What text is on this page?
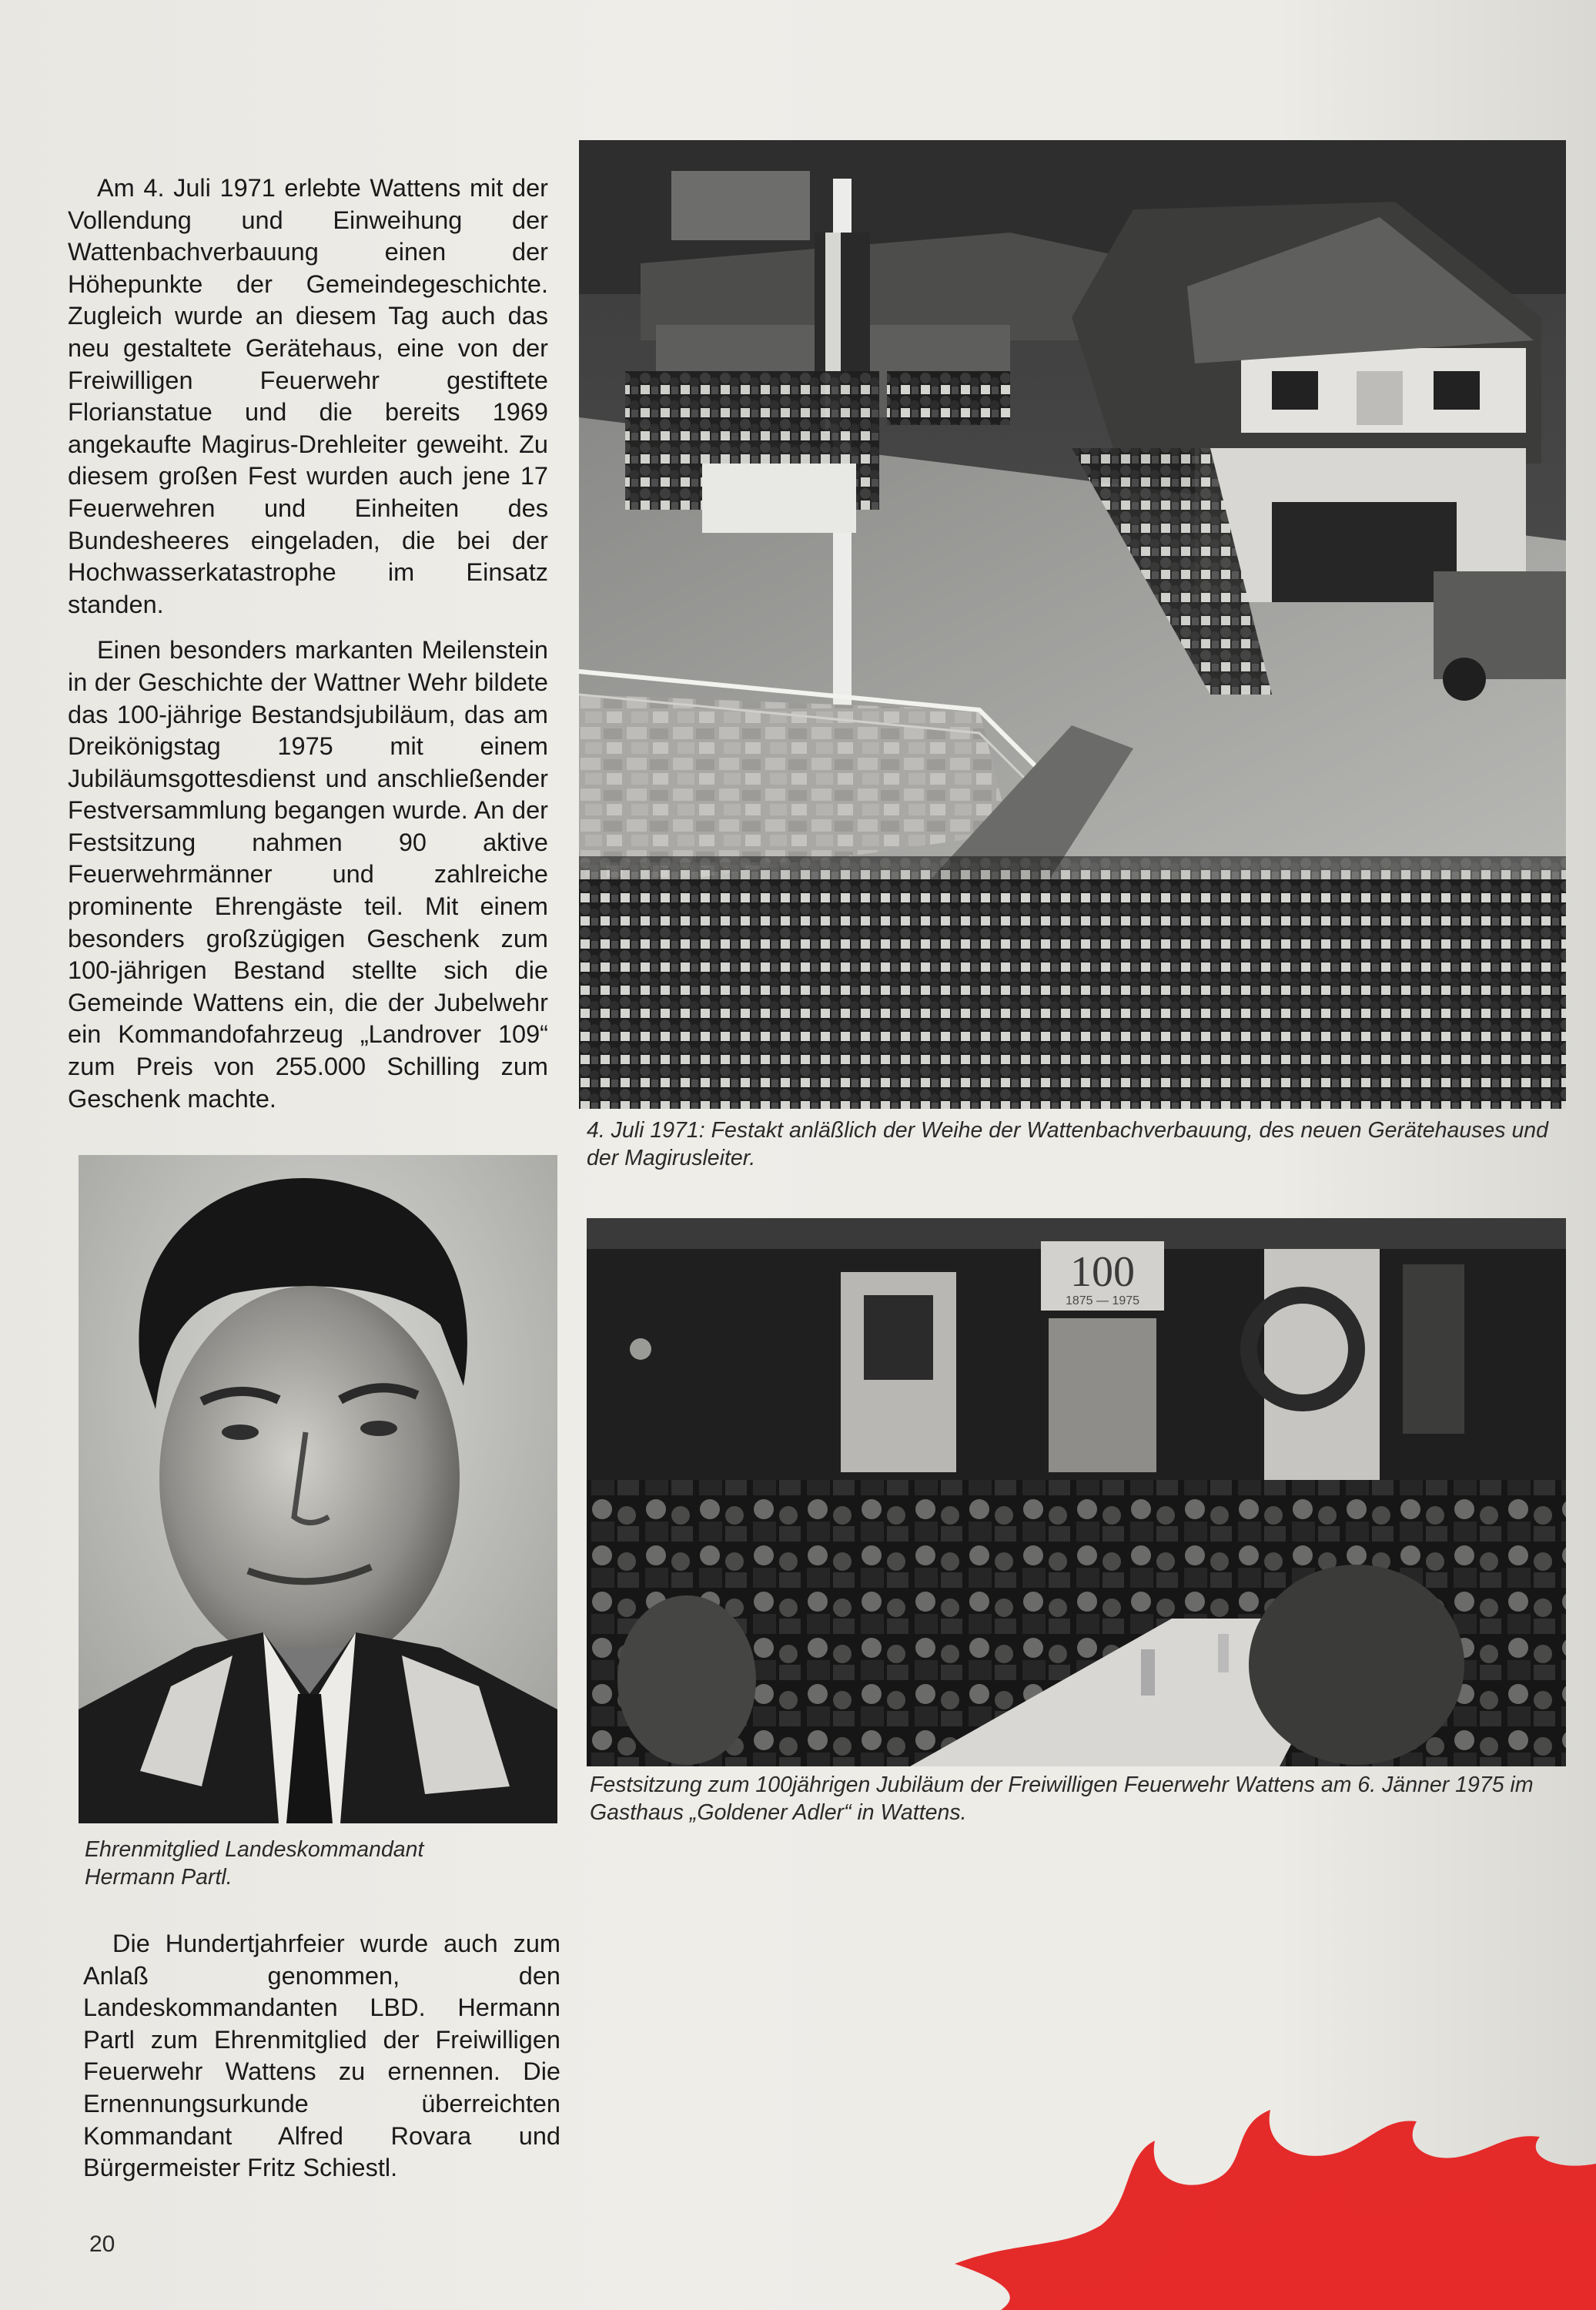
Am 4. Juli 1971 erlebte Wattens mit der Vollendung und Einweihung der Wattenbachverbauung einen der Höhepunkte der Gemeindegeschichte. Zugleich wurde an diesem Tag auch das neu gestaltete Gerätehaus, eine von der Freiwilligen Feuerwehr gestiftete Florianstatue und die bereits 1969 angekaufte Magirus-Drehleiter geweiht. Zu diesem großen Fest wurden auch jene 17 Feuerwehren und Einheiten des Bundesheeres eingeladen, die bei der Hochwasserkatastrophe im Einsatz standen.

Einen besonders markanten Meilenstein in der Geschichte der Wattner Wehr bildete das 100-jährige Bestandsjubiläum, das am Dreikönigstag 1975 mit einem Jubiläumsgottesdienst und anschließender Festversammlung begangen wurde. An der Festsitzung nahmen 90 aktive Feuerwehrmänner und zahlreiche prominente Ehrengäste teil. Mit einem besonders großzügigen Geschenk zum 100-jährigen Bestand stellte sich die Gemeinde Wattens ein, die der Jubelwehr ein Kommandofahrzeug „Landrover 109“ zum Preis von 255.000 Schilling zum Geschenk machte.

4. Juli 1971: Festakt anläßlich der Weihe der Wattenbachverbauung, des neuen Gerätehauses und der Magirusleiter.

Ehrenmitglied Landeskommandant
Hermann Partl.

100
1875 — 1975

Festsitzung zum 100jährigen Jubiläum der Freiwilligen Feuerwehr Wattens am 6. Jänner 1975 im Gasthaus „Goldener Adler“ in Wattens.

Die Hundertjahrfeier wurde auch zum Anlaß genommen, den Landeskommandanten LBD. Hermann Partl zum Ehrenmitglied der Freiwilligen Feuerwehr Wattens zu ernennen. Die Ernennungsurkunde überreichten Kommandant Alfred Rovara und Bürgermeister Fritz Schiestl.

20
